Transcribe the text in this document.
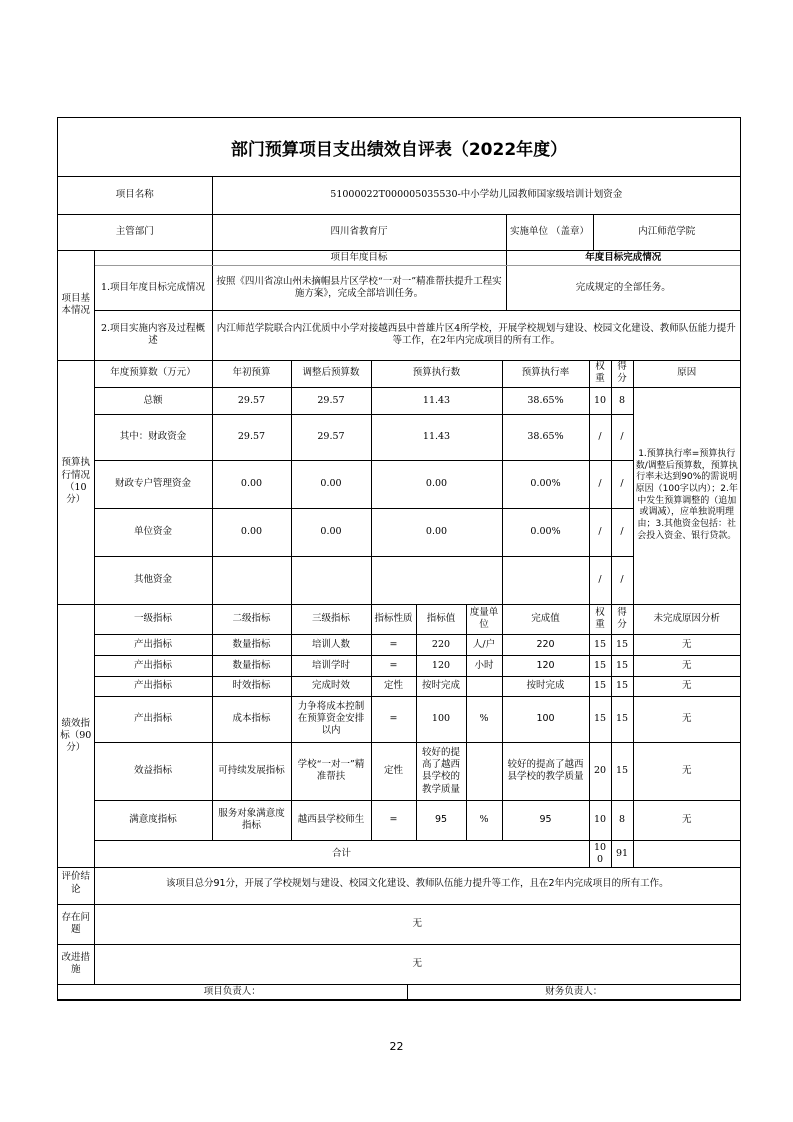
部门预算项目支出绩效自评表（2022年度）
项目名称		51000022T000005035530-中小学幼儿园教师国家级培训计划资金		
主管部门		四川省教育厅	实施单位 （盖章）	内江师范学院
项目基本情况		项目年度目标	年度目标完成情况	
	1.项目年度目标完成情况	按照《四川省凉山州未摘帽县片区学校“一对一”精准帮扶提升工程实施方案》，完成全部培训任务。	完成规定的全部任务。	
	2.项目实施内容及过程概述	内江师范学院联合内江优质中小学对接越西县中普雄片区4所学校，开展学校规划与建设、校园文化建设、教师队伍能力提升等工作，在2年内完成项目的所有工作。		
预算执行情况（10分）	年度预算数（万元）	年初预算	调整后预算数	预算执行数			预算执行率	权重	得分	原因
	总额	29.57	29.57	11.43			38.65%	10	8	1.预算执行率=预算执行数/调整后预算数，预算执行率未达到90%的需说明原因（100字以内）；2.年中发生预算调整的（追加或调减），应单独说明理由；3.其他资金包括：社会投入资金、银行贷款。
	其中：财政资金	29.57	29.57	11.43			38.65%	/	/	
	财政专户管理资金	0.00	0.00	0.00			0.00%	/	/	
	单位资金	0.00	0.00	0.00			0.00%	/	/	
	其他资金							/	/	
绩效指标（90分）	一级指标	二级指标	三级指标	指标性质	指标值	度量单位	完成值	权重	得分	未完成原因分析
	产出指标	数量指标	培训人数	=	220	人/户	220	15	15	无
	产出指标	数量指标	培训学时	=	120	小时	120	15	15	无
	产出指标	时效指标	完成时效	定性	按时完成		按时完成	15	15	无
	产出指标	成本指标	力争将成本控制在预算资金安排以内	=	100	%	100	15	15	无
	效益指标	可持续发展指标	学校“一对一”精准帮扶	定性	较好的提高了越西县学校的教学质量		较好的提高了越西县学校的教学质量	20	15	无
	满意度指标	服务对象满意度指标	越西县学校师生	=	95	%	95	10	8	无
	合计							100	91	
评价结论	该项目总分91分，开展了学校规划与建设、校园文化建设、教师队伍能力提升等工作，且在2年内完成项目的所有工作。	
存在问题	无	
改进措施	无	
项目负责人：		财务负责人：
22
